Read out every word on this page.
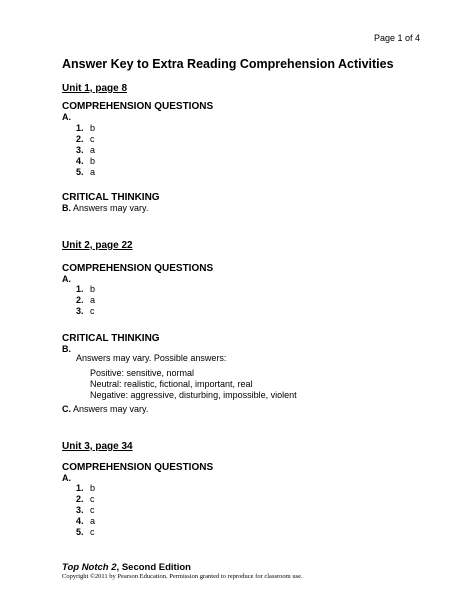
Page 1 of 4
Answer Key to Extra Reading Comprehension Activities
Unit 1, page 8
COMPREHENSION QUESTIONS
A.
1. b
2. c
3. a
4. b
5. a
CRITICAL THINKING
B. Answers may vary.
Unit 2, page 22
COMPREHENSION QUESTIONS
A.
1. b
2. a
3. c
CRITICAL THINKING
B.
Answers may vary. Possible answers:
Positive: sensitive, normal
Neutral: realistic, fictional, important, real
Negative: aggressive, disturbing, impossible, violent
C. Answers may vary.
Unit 3, page 34
COMPREHENSION QUESTIONS
A.
1. b
2. c
3. c
4. a
5. c
Top Notch 2, Second Edition
Copyright ©2011 by Pearson Education. Permission granted to reproduce for classroom use.
